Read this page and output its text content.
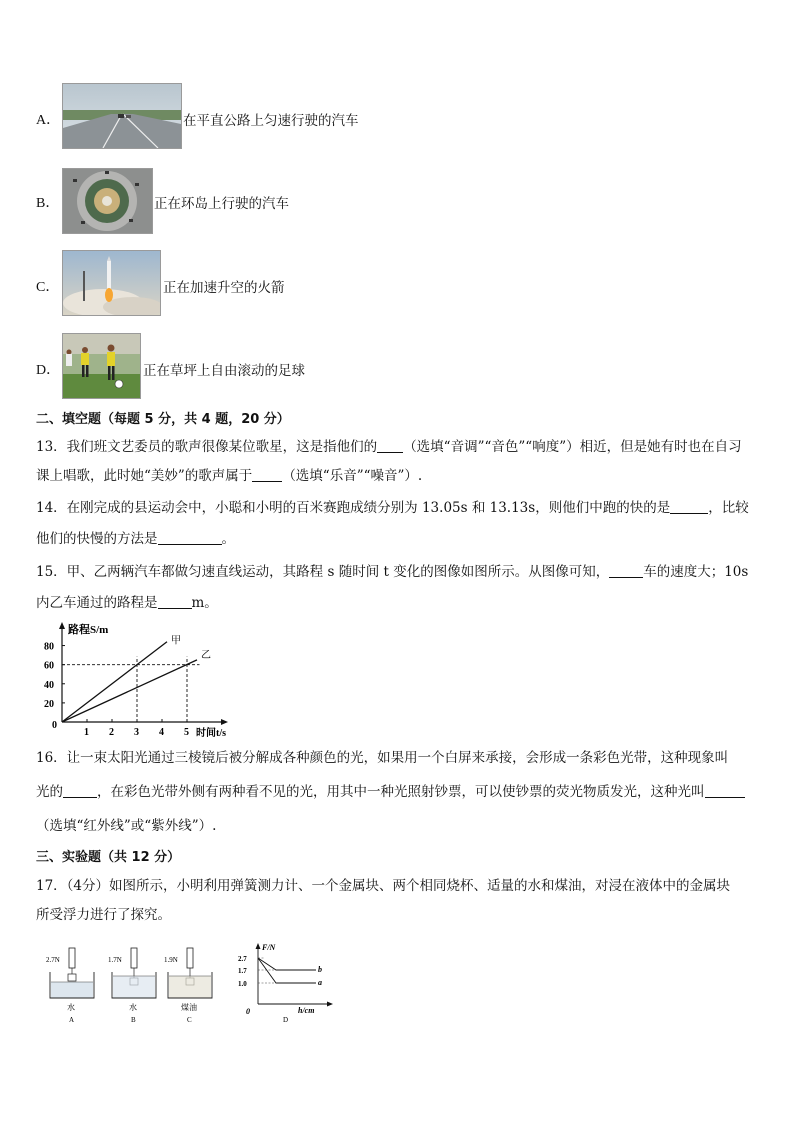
A．	在平直公路上匀速行驶的汽车
B．	正在环岛上行驶的汽车
C．	正在加速升空的火箭
D．	正在草坪上自由滚动的足球
二、填空题（每题 5 分，共 4 题，20 分）
13．我们班文艺委员的歌声很像某位歌星，这是指他们的 （选填“音调”“音色”“响度”）相近，但是她有时也在自习
课上唱歌，此时她“美妙”的歌声属于 （选填“乐音”“噪音”）.
14．在刚完成的县运动会中，小聪和小明的百米赛跑成绩分别为 13.05s 和 13.13s，则他们中跑的快的是	，比较
他们的快慢的方法是	。
15．甲、乙两辆汽车都做匀速直线运动，其路程 s 随时间 t 变化的图像如图所示。从图像可知，	车的速度大；10s
内乙车通过的路程是	m。
路程S/m
时间t/s
0
1 2 3 4 5
20
40
60
80
甲
乙
16．让一束太阳光通过三棱镜后被分解成各种颜色的光，如果用一个白屏来承接，会形成一条彩色光带，这种现象叫
光的	，在彩色光带外侧有两种看不见的光，用其中一种光照射钞票，可以使钞票的荧光物质发光，这种光叫
（选填“红外线”或“紫外线”）.
三、实验题（共 12 分）
17．（4分）如图所示，小明利用弹簧测力计、一个金属块、两个相同烧杯、适量的水和煤油，对浸在液体中的金属块
所受浮力进行了探究。
2.7N
水
A
1.7N
水
B
1.9N
煤油
C
F/N
h/cm
0
2.7
1.7
1.0
b
a
D
